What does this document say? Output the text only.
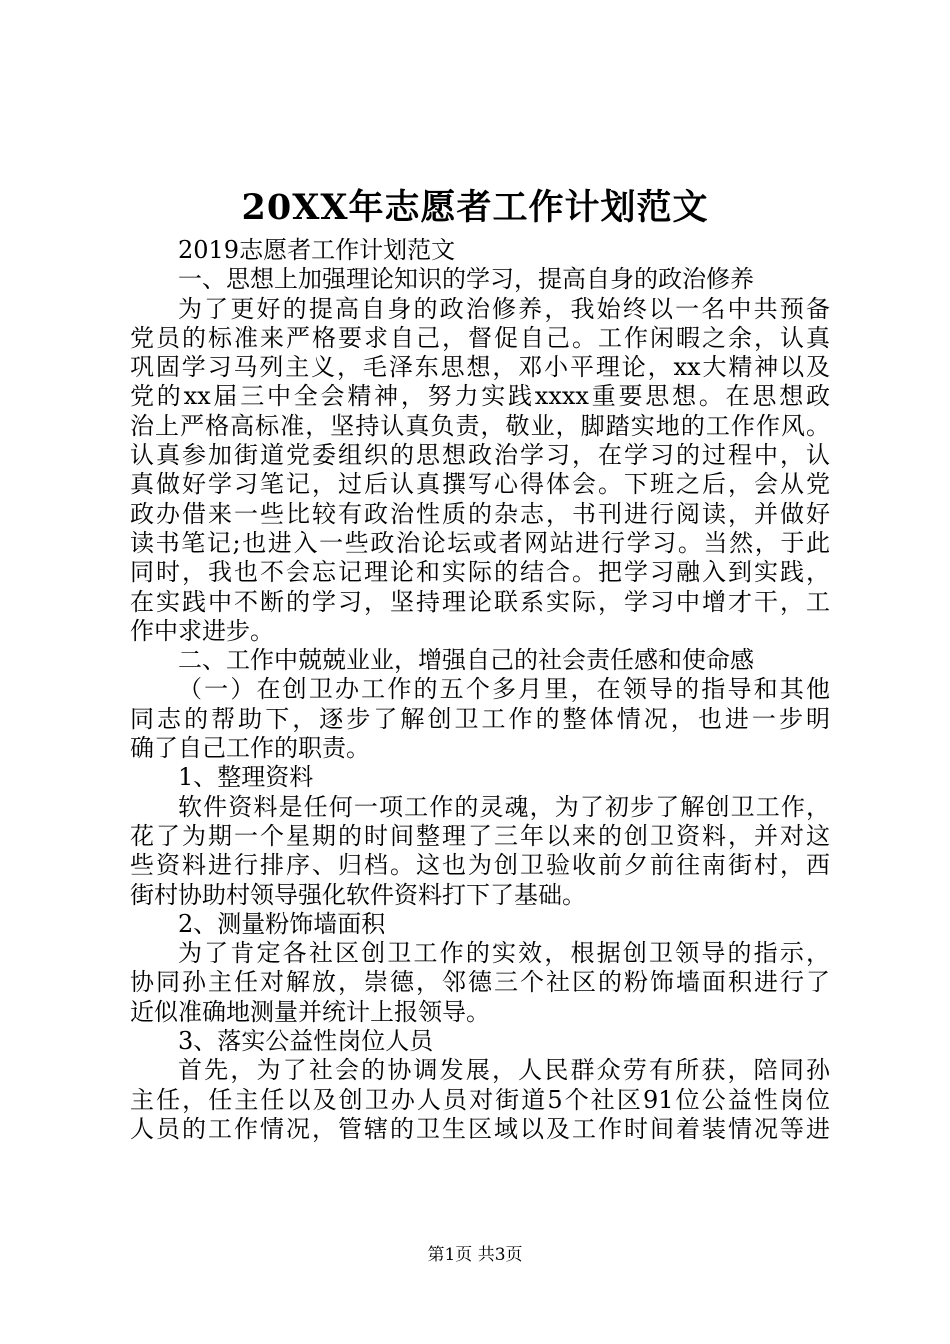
20XX年志愿者工作计划范文
2019志愿者工作计划范文
一、思想上加强理论知识的学习，提高自身的政治修养
为了更好的提高自身的政治修养，我始终以一名中共预备
党员的标准来严格要求自己，督促自己。工作闲暇之余，认真
巩固学习马列主义，毛泽东思想，邓小平理论，xx大精神以及
党的xx届三中全会精神，努力实践xxxx重要思想。在思想政
治上严格高标准，坚持认真负责，敬业，脚踏实地的工作作风。
认真参加街道党委组织的思想政治学习，在学习的过程中，认
真做好学习笔记，过后认真撰写心得体会。下班之后，会从党
政办借来一些比较有政治性质的杂志，书刊进行阅读，并做好
读书笔记;也进入一些政治论坛或者网站进行学习。当然，于此
同时，我也不会忘记理论和实际的结合。把学习融入到实践，
在实践中不断的学习，坚持理论联系实际，学习中增才干，工
作中求进步。
二、工作中兢兢业业，增强自己的社会责任感和使命感
（一）在创卫办工作的五个多月里，在领导的指导和其他
同志的帮助下，逐步了解创卫工作的整体情况，也进一步明
确了自己工作的职责。
1、整理资料
软件资料是任何一项工作的灵魂，为了初步了解创卫工作，
花了为期一个星期的时间整理了三年以来的创卫资料，并对这
些资料进行排序、归档。这也为创卫验收前夕前往南街村，西
街村协助村领导强化软件资料打下了基础。
2、测量粉饰墙面积
为了肯定各社区创卫工作的实效，根据创卫领导的指示，
协同孙主任对解放，崇德，邻德三个社区的粉饰墙面积进行了
近似准确地测量并统计上报领导。
3、落实公益性岗位人员
首先，为了社会的协调发展，人民群众劳有所获，陪同孙
主任，任主任以及创卫办人员对街道5个社区91位公益性岗位
人员的工作情况，管辖的卫生区域以及工作时间着装情况等进
第1页 共3页
